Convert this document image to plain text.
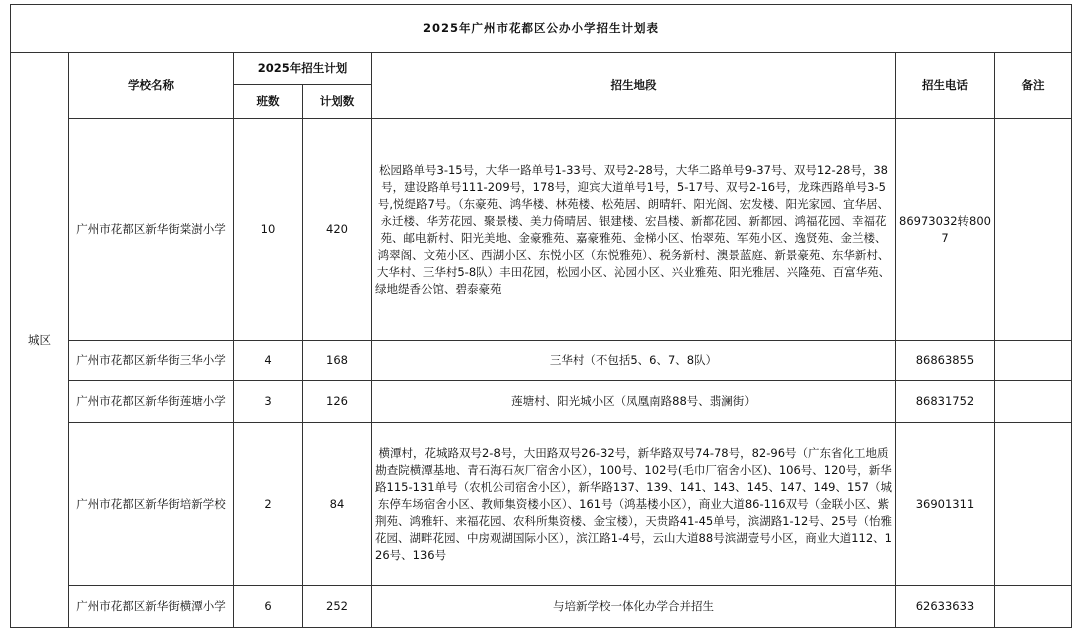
2025年广州市花都区公办小学招生计划表						
城区	学校名称	2025年招生计划		招生地段	招生电话	备注
		班数	计划数			
	广州市花都区新华街棠澍小学	10	420	松园路单号3-15号，大华一路单号1-33号、双号2-28号，大华二路单号9-37号、双号12-28号，38号，建设路单号111-209号，178号，迎宾大道单号1号，5-17号、双号2-16号，龙珠西路单号3-5号,悦缇路7号。（东豪苑、鸿华楼、林苑楼、松苑居、朗晴轩、阳光阁、宏发楼、阳光家园、宜华居、永迁楼、华芳花园、聚景楼、美力倚晴居、银建楼、宏昌楼、新都花园、新都园、鸿福花园、幸福花苑、邮电新村、阳光美地、金豪雅苑、嘉豪雅苑、金梯小区、怡翠苑、军苑小区、逸贤苑、金兰楼、鸿翠阁、文苑小区、西湖小区、东悦小区（东悦雅苑）、税务新村、澳景蓝庭、新景豪苑、东华新村、大华村、三华村5-8队）丰田花园，松园小区、沁园小区、兴业雅苑、阳光雅居、兴隆苑、百富华苑、绿地缇香公馆、碧泰豪苑	86973032转8007	
	广州市花都区新华街三华小学	4	168	三华村（不包括5、6、7、8队）	86863855	
	广州市花都区新华街莲塘小学	3	126	莲塘村、阳光城小区（凤凰南路88号、翡澜街）	86831752	
	广州市花都区新华街培新学校	2	84	横潭村，花城路双号2-8号，大田路双号26-32号，新华路双号74-78号，82-96号（广东省化工地质勘查院横潭基地、青石海石灰厂宿舍小区），100号、102号(毛巾厂宿舍小区)、106号、120号，新华路115-131单号（农机公司宿舍小区），新华路137、139、141、143、145、147、149、157（城东停车场宿舍小区、教师集资楼小区）、161号（鸿基楼小区），商业大道86-116双号（金联小区、紫荆苑、鸿雅轩、来福花园、农科所集资楼、金宝楼），天贵路41-45单号，滨湖路1-12号、25号（怡雅花园、湖畔花园、中房观湖国际小区），滨江路1-4号，云山大道88号滨湖壹号小区，商业大道112、126号、136号	36901311	
	广州市花都区新华街横潭小学	6	252	与培新学校一体化办学合并招生	62633633	
